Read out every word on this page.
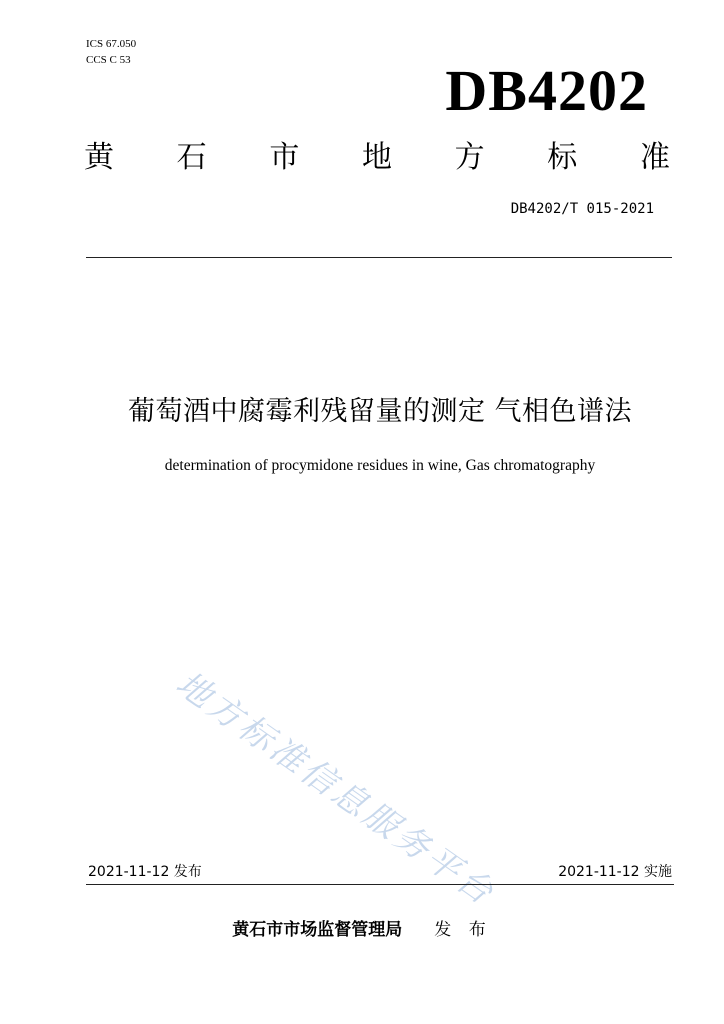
ICS 67.050
CCS C 53	DB4202
黄 石 市 地 方 标 准
DB4202/T 015-2021
葡萄酒中腐霉利残留量的测定 气相色谱法
determination of procymidone residues in wine, Gas chromatography
地方标准信息服务平台
2021-11-12 发布	2021-11-12 实施
黄石市市场监督管理局 发 布
